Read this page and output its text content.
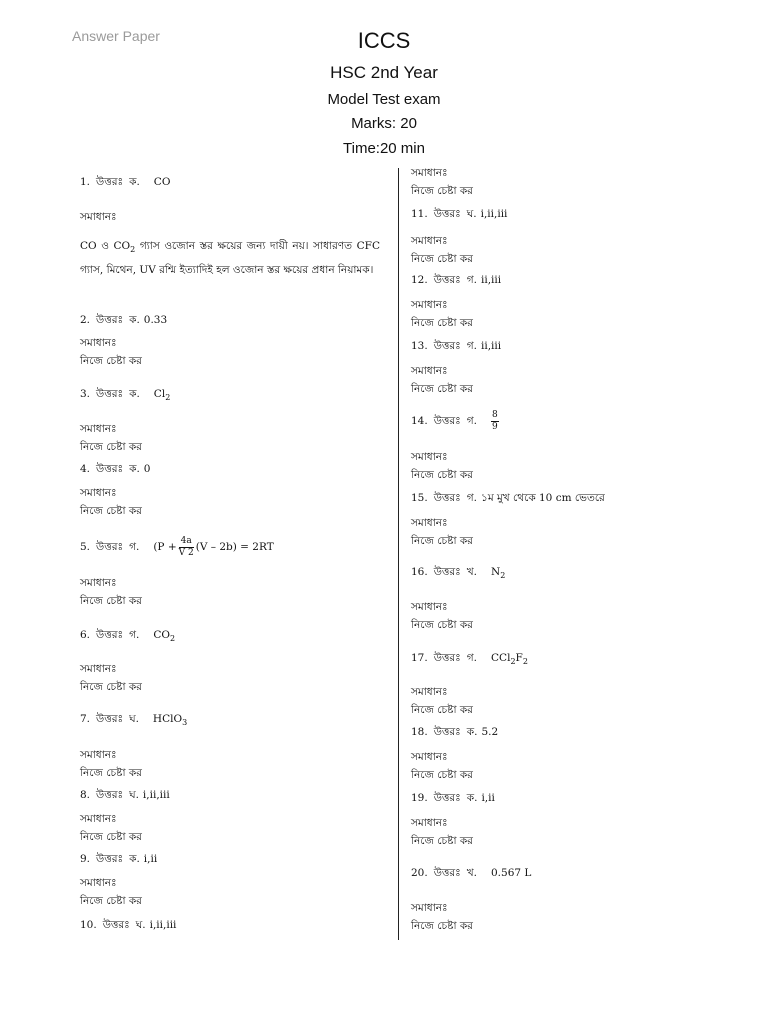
Answer Paper	ICCS
HSC 2nd Year
Model Test exam
Marks: 20
Time:20 min
1. উত্তরঃ ক. CO
সমাধানঃ
CO ও $CO_2$ গ্যাস ওজোন স্তর ক্ষয়ের জন্য দায়ী নয়। সাধারণত CFC গ্যাস, মিথেন, UV রশ্মি ইত্যাদিই হল ওজোন স্তর ক্ষয়ের প্রধান নিয়ামক।
2. উত্তরঃ ক. 0.33
সমাধানঃ
নিজে চেষ্টা কর
3. উত্তরঃ ক. $Cl_2$
সমাধানঃ
নিজে চেষ্টা কর
4. উত্তরঃ ক. 0
সমাধানঃ
নিজে চেষ্টা কর
5. উত্তরঃ গ. ($P + \frac{4a}{V 2} (V - 2b) = 2RT$
সমাধানঃ
নিজে চেষ্টা কর
6. উত্তরঃ গ. $CO_2$
সমাধানঃ
নিজে চেষ্টা কর
7. উত্তরঃ ঘ. HClO$_3$
সমাধানঃ
নিজে চেষ্টা কর
8. উত্তরঃ ঘ. i,ii,iii
সমাধানঃ
নিজে চেষ্টা কর
9. উত্তরঃ ক. i,ii
সমাধানঃ
নিজে চেষ্টা কর
10. উত্তরঃ ঘ. i,ii,iii
সমাধানঃ
নিজে চেষ্টা কর
11. উত্তরঃ ঘ. i,ii,iii
সমাধানঃ
নিজে চেষ্টা কর
12. উত্তরঃ গ. ii,iii
সমাধানঃ
নিজে চেষ্টা কর
13. উত্তরঃ গ. ii,iii
সমাধানঃ
নিজে চেষ্টা কর
14. উত্তরঃ গ. $\frac{8}{9}$
সমাধানঃ
নিজে চেষ্টা কর
15. উত্তরঃ গ. ১ম মুখ থেকে 10 cm ভেতরে
সমাধানঃ
নিজে চেষ্টা কর
16. উত্তরঃ খ. $N_2$
সমাধানঃ
নিজে চেষ্টা কর
17. উত্তরঃ গ. $CCl_2F_2$
সমাধানঃ
নিজে চেষ্টা কর
18. উত্তরঃ ক. 5.2
সমাধানঃ
নিজে চেষ্টা কর
19. উত্তরঃ ক. i,ii
সমাধানঃ
নিজে চেষ্টা কর
20. উত্তরঃ খ. 0.567 L
সমাধানঃ
নিজে চেষ্টা কর
